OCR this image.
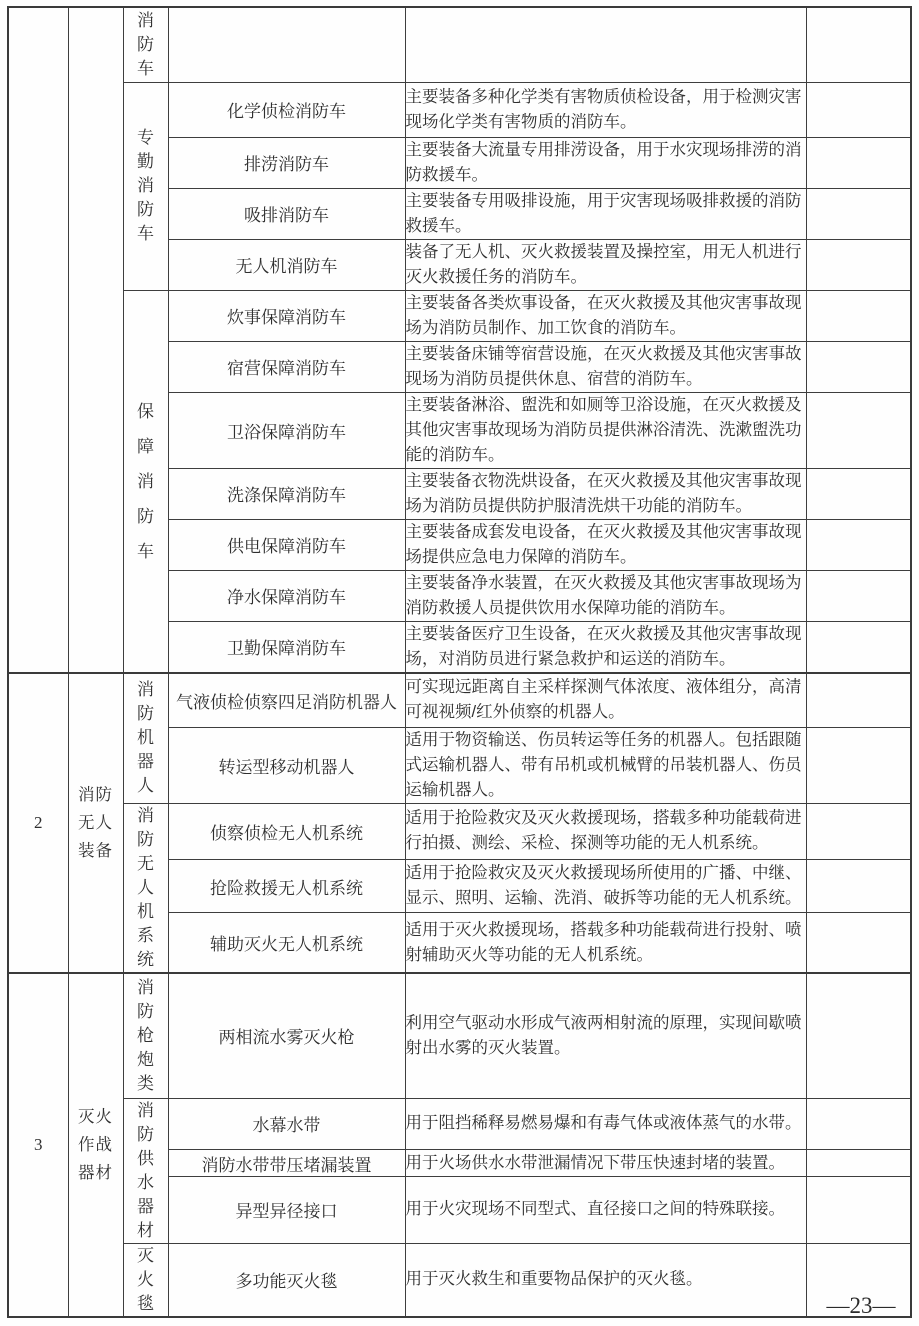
		消防车			

		专勤消防车	化学侦检消防车	主要装备多种化学类有害物质侦检设备，用于检测灾害现场化学类有害物质的消防车。	
			排涝消防车	主要装备大流量专用排涝设备，用于水灾现场排涝的消防救援车。	
			吸排消防车	主要装备专用吸排设施，用于灾害现场吸排救援的消防救援车。	
			无人机消防车	装备了无人机、灭火救援装置及操控室，用无人机进行灭火救援任务的消防车。	

		保障消防车	炊事保障消防车	主要装备各类炊事设备，在灭火救援及其他灾害事故现场为消防员制作、加工饮食的消防车。	
			宿营保障消防车	主要装备床铺等宿营设施，在灭火救援及其他灾害事故现场为消防员提供休息、宿营的消防车。	
			卫浴保障消防车	主要装备淋浴、盥洗和如厕等卫浴设施，在灭火救援及其他灾害事故现场为消防员提供淋浴清洗、洗漱盥洗功能的消防车。	
			洗涤保障消防车	主要装备衣物洗烘设备，在灭火救援及其他灾害事故现场为消防员提供防护服清洗烘干功能的消防车。	
			供电保障消防车	主要装备成套发电设备，在灭火救援及其他灾害事故现场提供应急电力保障的消防车。	
			净水保障消防车	主要装备净水装置，在灭火救援及其他灾害事故现场为消防救援人员提供饮用水保障功能的消防车。	
			卫勤保障消防车	主要装备医疗卫生设备，在灭火救援及其他灾害事故现场，对消防员进行紧急救护和运送的消防车。	
2	消防无人装备	消防机器人	气液侦检侦察四足消防机器人	可实现远距离自主采样探测气体浓度、液体组分，高清可视视频/红外侦察的机器人。	
			转运型移动机器人	适用于物资输送、伤员转运等任务的机器人。包括跟随式运输机器人、带有吊机或机械臂的吊装机器人、伤员运输机器人。	

		消防无人机系统	侦察侦检无人机系统	适用于抢险救灾及灭火救援现场，搭载多种功能载荷进行拍摄、测绘、采检、探测等功能的无人机系统。	
			抢险救援无人机系统	适用于抢险救灾及灭火救援现场所使用的广播、中继、显示、照明、运输、洗消、破拆等功能的无人机系统。	
			辅助灭火无人机系统	适用于灭火救援现场，搭载多种功能载荷进行投射、喷射辅助灭火等功能的无人机系统。	
3	灭火作战器材	消防枪炮类	两相流水雾灭火枪	利用空气驱动水形成气液两相射流的原理，实现间歇喷射出水雾的灭火装置。	

		消防供水器材	水幕水带	用于阻挡稀释易燃易爆和有毒气体或液体蒸气的水带。	
			消防水带带压堵漏装置	用于火场供水水带泄漏情况下带压快速封堵的装置。	
			异型异径接口	用于火灾现场不同型式、直径接口之间的特殊联接。	

		灭火毯	多功能灭火毯	用于灭火救生和重要物品保护的灭火毯。	
—23—
